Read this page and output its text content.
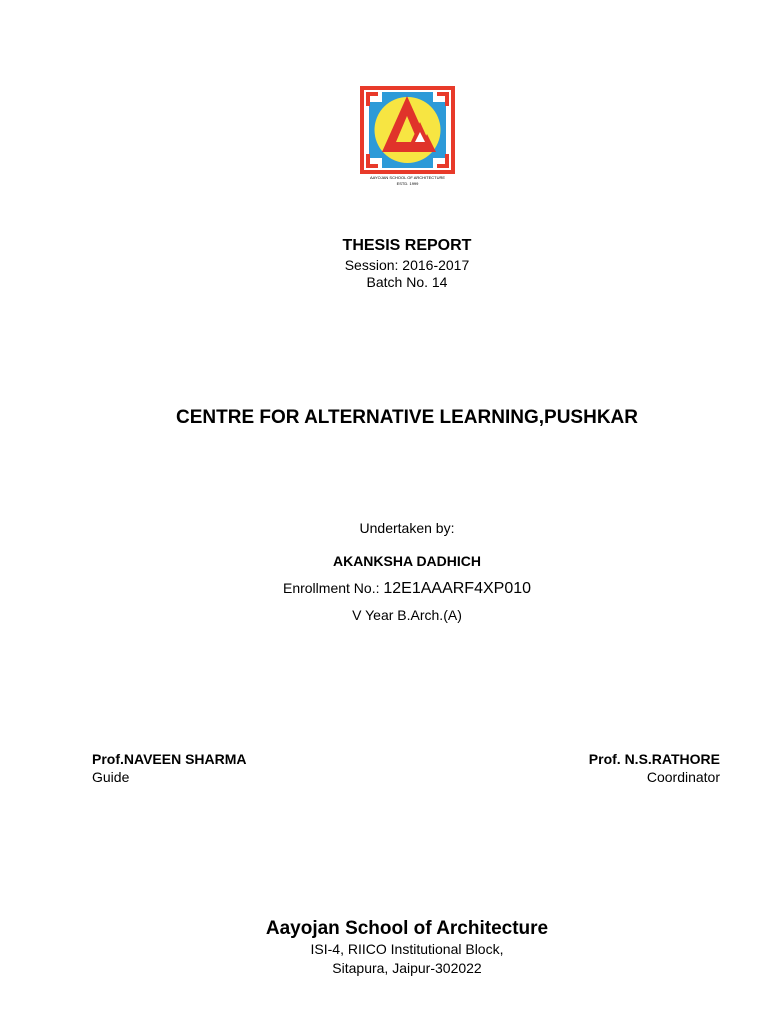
AAYOJAN SCHOOL OF ARCHITECTURE
ESTD. 1999
THESIS REPORT
Session: 2016-2017
Batch No. 14
CENTRE FOR ALTERNATIVE LEARNING,PUSHKAR
Undertaken by:
AKANKSHA DADHICH
Enrollment No.: 12E1AAARF4XP010
V Year B.Arch.(A)
Prof.NAVEEN SHARMA
Guide
Prof. N.S.RATHORE
Coordinator
Aayojan School of Architecture
ISI-4, RIICO Institutional Block,
Sitapura, Jaipur-302022
